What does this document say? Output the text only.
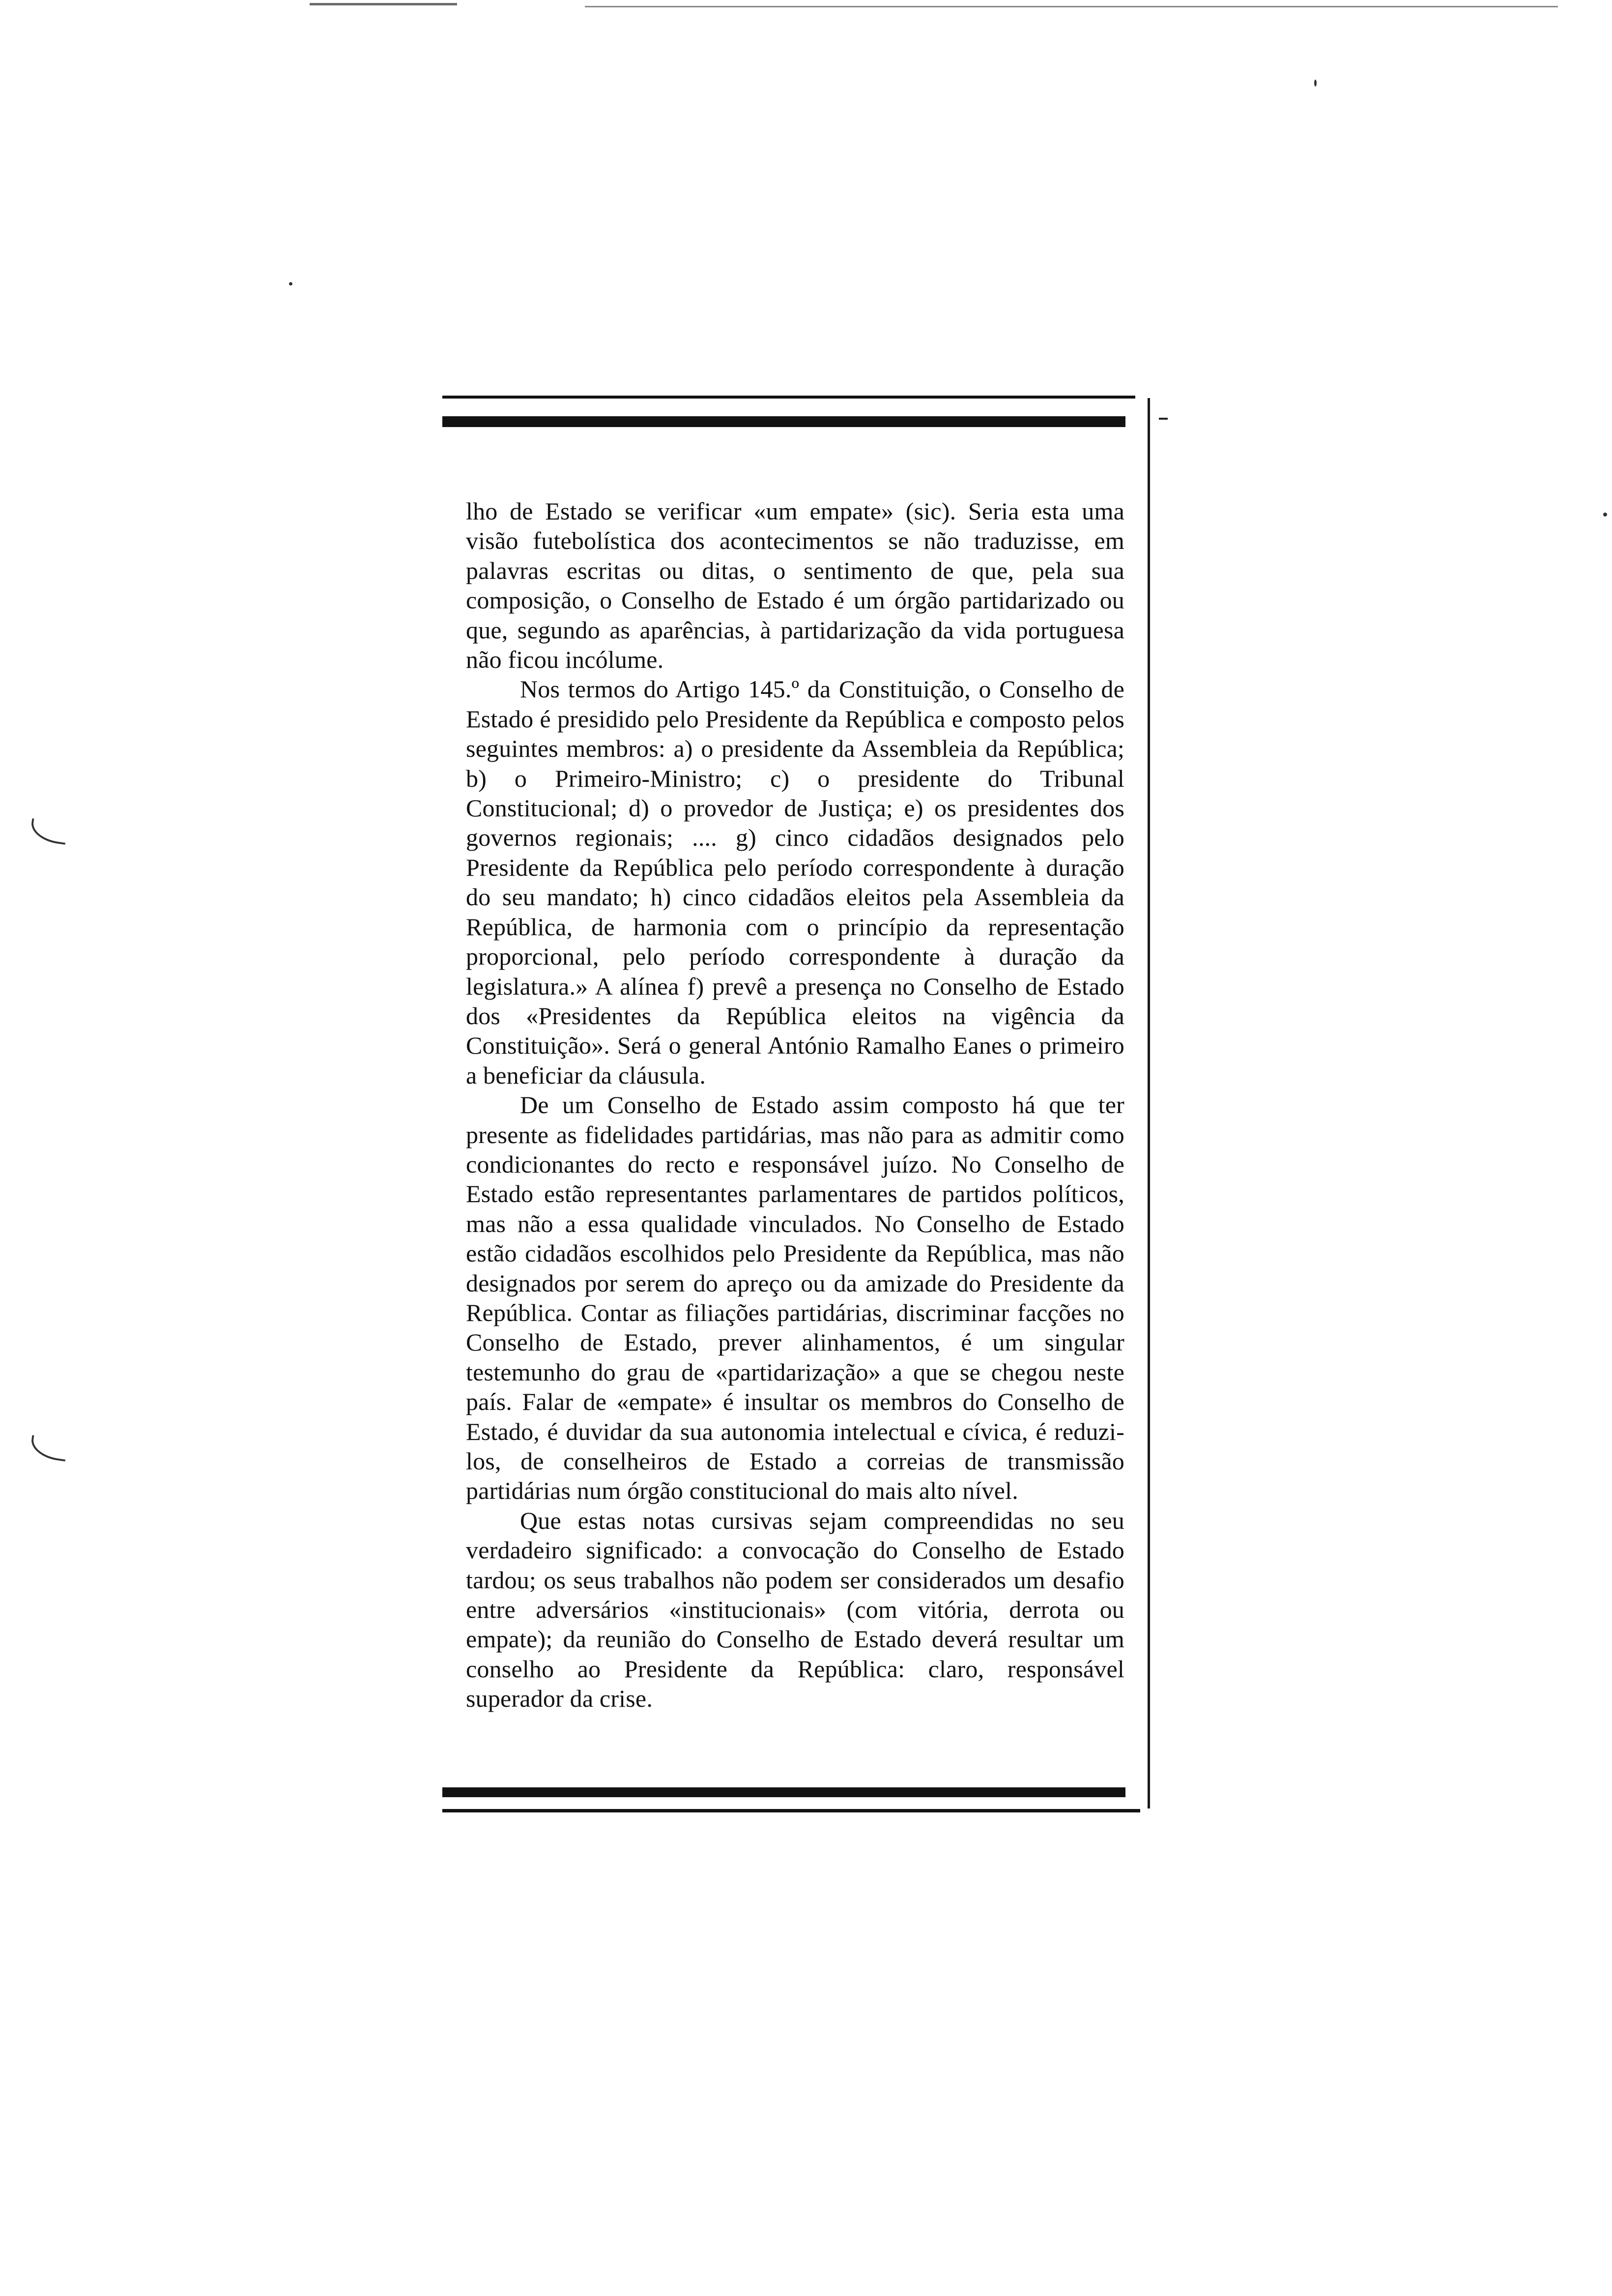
lho de Estado se verificar «um empate» (sic). Seria esta uma visão futebolística dos acontecimentos se não traduzisse, em palavras escritas ou ditas, o sentimento de que, pela sua composição, o Conselho de Estado é um órgão partidarizado ou que, segundo as aparências, à partidarização da vida portuguesa não ficou incólume.

Nos termos do Artigo 145.º da Constituição, o Conselho de Estado é presidido pelo Presidente da República e composto pelos seguintes membros: a) o presidente da Assembleia da República; b) o Primeiro-Ministro; c) o presidente do Tribunal Constitucional; d) o provedor de Justiça; e) os presidentes dos governos regionais; .... g) cinco cidadãos designados pelo Presidente da República pelo período correspondente à duração do seu mandato; h) cinco cidadãos eleitos pela Assembleia da República, de harmonia com o princípio da representação proporcional, pelo período correspondente à duração da legislatura.» A alínea f) prevê a presença no Conselho de Estado dos «Presidentes da República eleitos na vigência da Constituição». Será o general António Ramalho Eanes o primeiro a beneficiar da cláusula.

De um Conselho de Estado assim composto há que ter presente as fidelidades partidárias, mas não para as admitir como condicionantes do recto e responsável juízo. No Conselho de Estado estão representantes parlamentares de partidos políticos, mas não a essa qualidade vinculados. No Conselho de Estado estão cidadãos escolhidos pelo Presidente da República, mas não designados por serem do apreço ou da amizade do Presidente da República. Contar as filiações partidárias, discriminar facções no Conselho de Estado, prever alinhamentos, é um singular testemunho do grau de «partidarização» a que se chegou neste país. Falar de «empate» é insultar os membros do Conselho de Estado, é duvidar da sua autonomia intelectual e cívica, é reduzi-los, de conselheiros de Estado a correias de transmissão partidárias num órgão constitucional do mais alto nível.

Que estas notas cursivas sejam compreendidas no seu verdadeiro significado: a convocação do Conselho de Estado tardou; os seus trabalhos não podem ser considerados um desafio entre adversários «institucionais» (com vitória, derrota ou empate); da reunião do Conselho de Estado deverá resultar um conselho ao Presidente da República: claro, responsável superador da crise.
